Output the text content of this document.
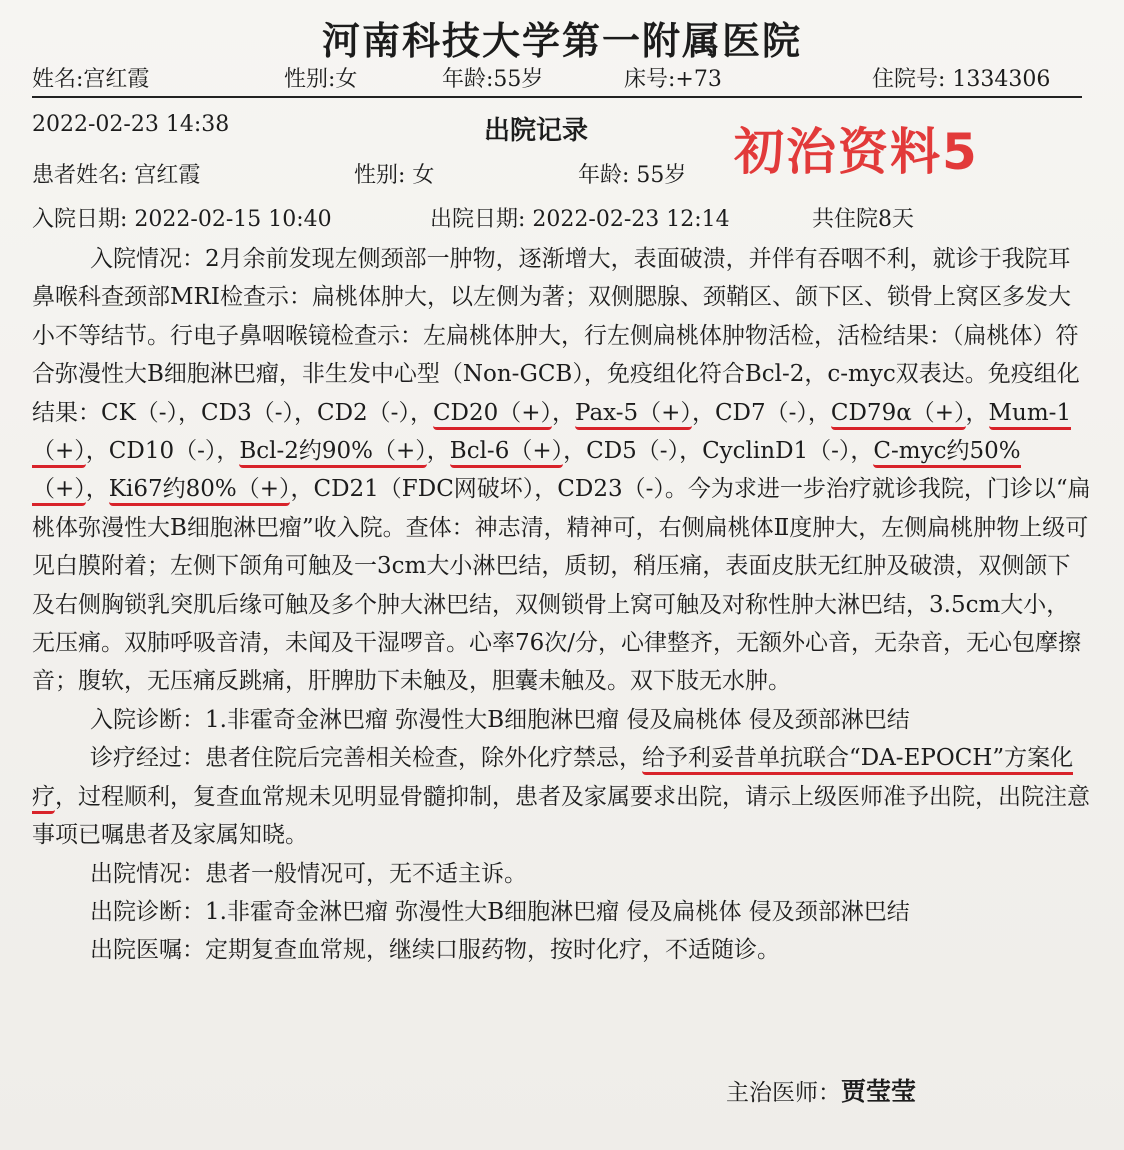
河南科技大学第一附属医院
姓名:宫红霞	性别:女	年龄:55岁	床号:+73	住院号: 1334306
2022-02-23 14:38	出院记录	初治资料5
患者姓名: 宫红霞	性别: 女	年龄: 55岁
入院日期: 2022-02-15 10:40	出院日期: 2022-02-23 12:14	共住院8天

入院情况：2月余前发现左侧颈部一肿物，逐渐增大，表面破溃，并伴有吞咽不利，就诊于我院耳鼻喉科查颈部MRI检查示：扁桃体肿大，以左侧为著；双侧腮腺、颈鞘区、颌下区、锁骨上窝区多发大小不等结节。行电子鼻咽喉镜检查示：左扁桃体肿大，行左侧扁桃体肿物活检，活检结果：（扁桃体）符合弥漫性大B细胞淋巴瘤，非生发中心型（Non-GCB），免疫组化符合Bcl-2，c-myc双表达。免疫组化结果：CK（-），CD3（-），CD2（-），CD20（+），Pax-5（+），CD7（-），CD79α（+），Mum-1（+），CD10（-），Bcl-2约90%（+），Bcl-6（+），CD5（-），CyclinD1（-），C-myc约50%（+），Ki67约80%（+），CD21（FDC网破坏），CD23（-）。今为求进一步治疗就诊我院，门诊以“扁桃体弥漫性大B细胞淋巴瘤”收入院。查体：神志清，精神可，右侧扁桃体Ⅱ度肿大，左侧扁桃肿物上级可见白膜附着；左侧下颌角可触及一3cm大小淋巴结，质韧，稍压痛，表面皮肤无红肿及破溃，双侧颌下及右侧胸锁乳突肌后缘可触及多个肿大淋巴结，双侧锁骨上窝可触及对称性肿大淋巴结，3.5cm大小，无压痛。双肺呼吸音清，未闻及干湿啰音。心率76次/分，心律整齐，无额外心音，无杂音，无心包摩擦音；腹软，无压痛反跳痛，肝脾肋下未触及，胆囊未触及。双下肢无水肿。

入院诊断：1.非霍奇金淋巴瘤 弥漫性大B细胞淋巴瘤 侵及扁桃体 侵及颈部淋巴结

诊疗经过：患者住院后完善相关检查，除外化疗禁忌，给予利妥昔单抗联合“DA-EPOCH”方案化疗，过程顺利，复查血常规未见明显骨髓抑制，患者及家属要求出院，请示上级医师准予出院，出院注意事项已嘱患者及家属知晓。

出院情况：患者一般情况可，无不适主诉。

出院诊断：1.非霍奇金淋巴瘤 弥漫性大B细胞淋巴瘤 侵及扁桃体 侵及颈部淋巴结

出院医嘱：定期复查血常规，继续口服药物，按时化疗，不适随诊。

主治医师：贾莹莹
